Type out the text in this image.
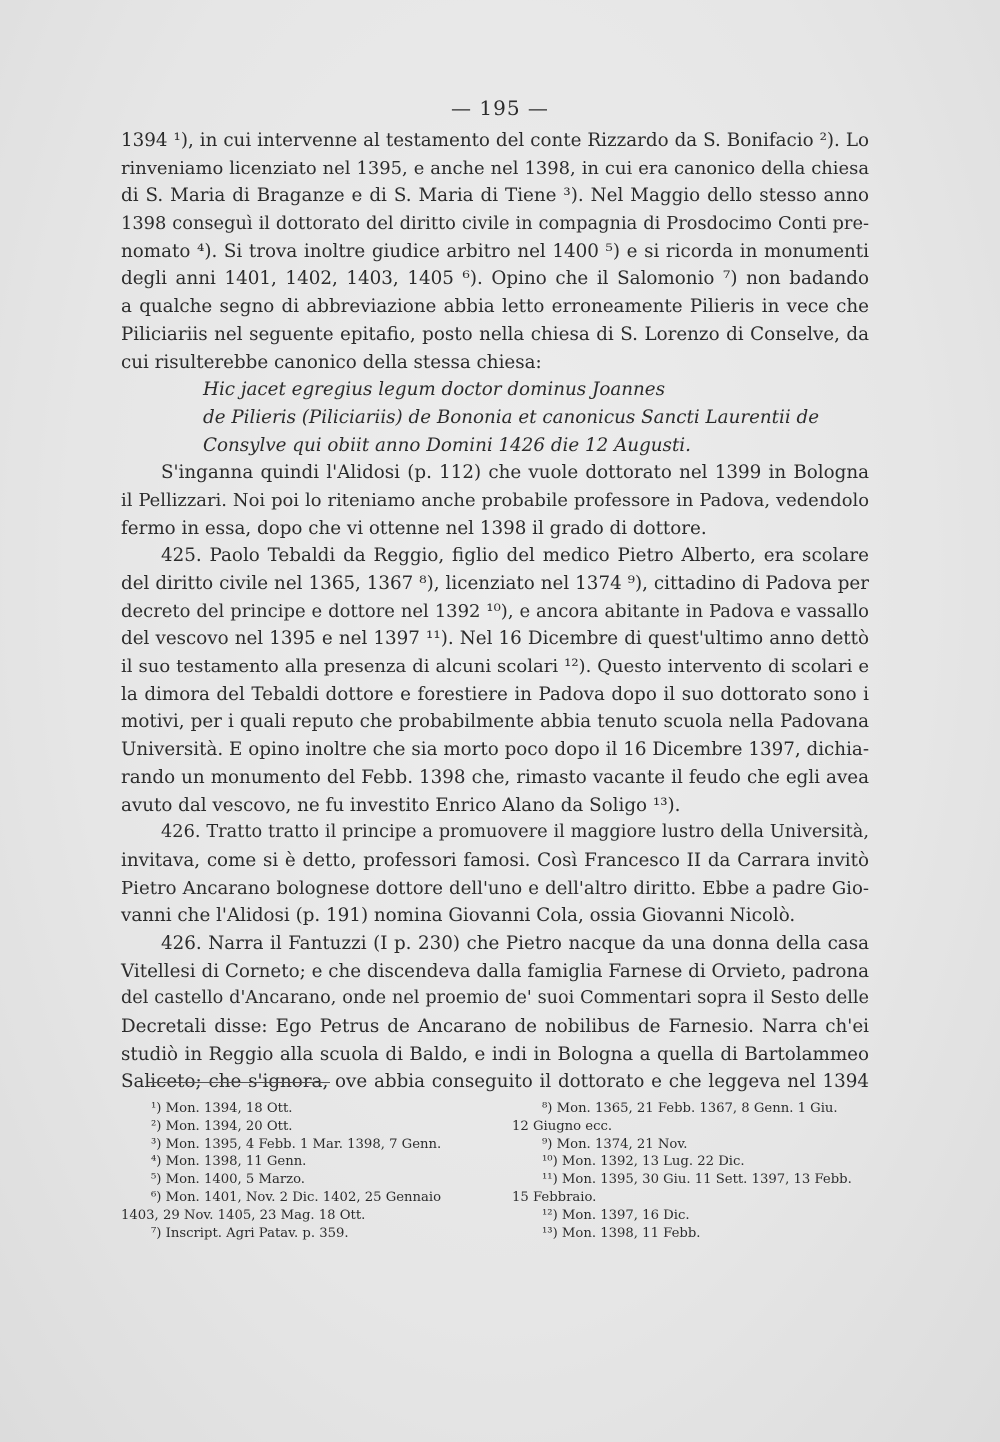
— 195 —
1394 ¹), in cui intervenne al testamento del conte Rizzardo da S. Bonifacio ²). Lo
rinveniamo licenziato nel 1395, e anche nel 1398, in cui era canonico della chiesa
di S. Maria di Braganze e di S. Maria di Tiene ³). Nel Maggio dello stesso anno
1398 conseguì il dottorato del diritto civile in compagnia di Prosdocimo Conti pre-
nomato ⁴). Si trova inoltre giudice arbitro nel 1400 ⁵) e si ricorda in monumenti
degli anni 1401, 1402, 1403, 1405 ⁶). Opino che il Salomonio ⁷) non badando
a qualche segno di abbreviazione abbia letto erroneamente Pilieris in vece che
Piliciariis nel seguente epitafio, posto nella chiesa di S. Lorenzo di Conselve, da
cui risulterebbe canonico della stessa chiesa:
Hic jacet egregius legum doctor dominus Joannes
de Pilieris (Piliciariis) de Bononia et canonicus Sancti Laurentii de
Consylve qui obiit anno Domini 1426 die 12 Augusti.
S'inganna quindi l'Alidosi (p. 112) che vuole dottorato nel 1399 in Bologna
il Pellizzari. Noi poi lo riteniamo anche probabile professore in Padova, vedendolo
fermo in essa, dopo che vi ottenne nel 1398 il grado di dottore.
425. Paolo Tebaldi da Reggio, figlio del medico Pietro Alberto, era scolare
del diritto civile nel 1365, 1367 ⁸), licenziato nel 1374 ⁹), cittadino di Padova per
decreto del principe e dottore nel 1392 ¹⁰), e ancora abitante in Padova e vassallo
del vescovo nel 1395 e nel 1397 ¹¹). Nel 16 Dicembre di quest'ultimo anno dettò
il suo testamento alla presenza di alcuni scolari ¹²). Questo intervento di scolari e
la dimora del Tebaldi dottore e forestiere in Padova dopo il suo dottorato sono i
motivi, per i quali reputo che probabilmente abbia tenuto scuola nella Padovana
Università. E opino inoltre che sia morto poco dopo il 16 Dicembre 1397, dichia-
rando un monumento del Febb. 1398 che, rimasto vacante il feudo che egli avea
avuto dal vescovo, ne fu investito Enrico Alano da Soligo ¹³).
426. Tratto tratto il principe a promuovere il maggiore lustro della Università,
invitava, come si è detto, professori famosi. Così Francesco II da Carrara invitò
Pietro Ancarano bolognese dottore dell'uno e dell'altro diritto. Ebbe a padre Gio-
vanni che l'Alidosi (p. 191) nomina Giovanni Cola, ossia Giovanni Nicolò.
426. Narra il Fantuzzi (I p. 230) che Pietro nacque da una donna della casa
Vitellesi di Corneto; e che discendeva dalla famiglia Farnese di Orvieto, padrona
del castello d'Ancarano, onde nel proemio de' suoi Commentari sopra il Sesto delle
Decretali disse: Ego Petrus de Ancarano de nobilibus de Farnesio. Narra ch'ei
studiò in Reggio alla scuola di Baldo, e indi in Bologna a quella di Bartolammeo
Saliceto; che s'ignora, ove abbia conseguito il dottorato e che leggeva nel 1394
¹) Mon. 1394, 18 Ott.
²) Mon. 1394, 20 Ott.
³) Mon. 1395, 4 Febb. 1 Mar. 1398, 7 Genn.
⁴) Mon. 1398, 11 Genn.
⁵) Mon. 1400, 5 Marzo.
⁶) Mon. 1401, Nov. 2 Dic. 1402, 25 Gennaio
1403, 29 Nov. 1405, 23 Mag. 18 Ott.
⁷) Inscript. Agri Patav. p. 359.
⁸) Mon. 1365, 21 Febb. 1367, 8 Genn. 1 Giu.
12 Giugno ecc.
⁹) Mon. 1374, 21 Nov.
¹⁰) Mon. 1392, 13 Lug. 22 Dic.
¹¹) Mon. 1395, 30 Giu. 11 Sett. 1397, 13 Febb.
15 Febbraio.
¹²) Mon. 1397, 16 Dic.
¹³) Mon. 1398, 11 Febb.
